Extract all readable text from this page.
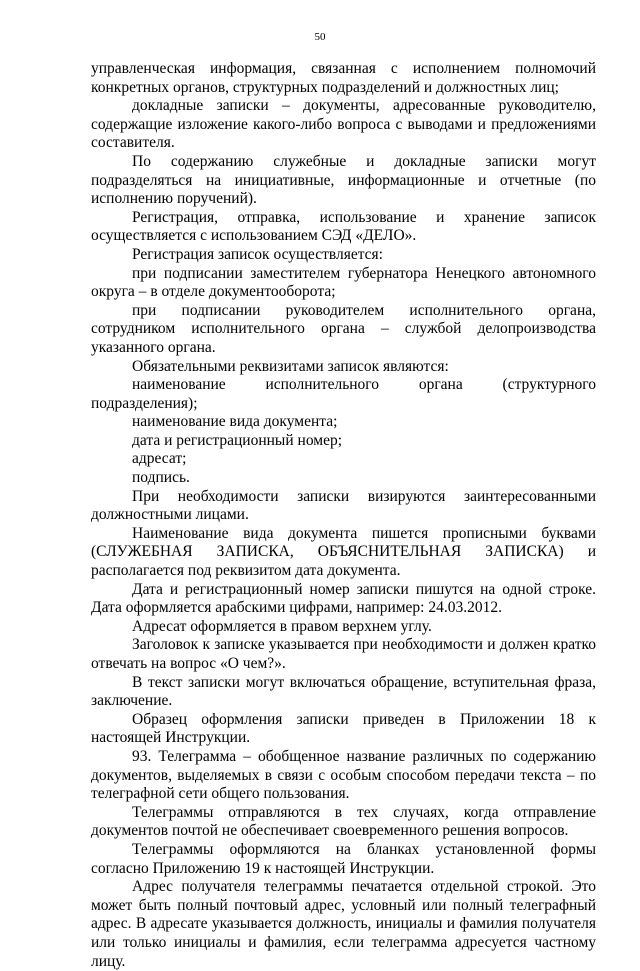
50

управленческая информация, связанная с исполнением полномочий конкретных органов, структурных подразделений и должностных лиц;

докладные записки – документы, адресованные руководителю, содержащие изложение какого-либо вопроса с выводами и предложениями составителя.

По содержанию служебные и докладные записки могут подразделяться на инициативные, информационные и отчетные (по исполнению поручений).

Регистрация, отправка, использование и хранение записок осуществляется с использованием СЭД «ДЕЛО».

Регистрация записок осуществляется:

при подписании заместителем губернатора Ненецкого автономного округа – в отделе документооборота;

при подписании руководителем исполнительного органа, сотрудником исполнительного органа – службой делопроизводства указанного органа.

Обязательными реквизитами записок являются:

наименование исполнительного органа (структурного подразделения);

наименование вида документа;

дата и регистрационный номер;

адресат;

подпись.

При необходимости записки визируются заинтересованными должностными лицами.

Наименование вида документа пишется прописными буквами (СЛУЖЕБНАЯ ЗАПИСКА, ОБЪЯСНИТЕЛЬНАЯ ЗАПИСКА) и располагается под реквизитом дата документа.

Дата и регистрационный номер записки пишутся на одной строке. Дата оформляется арабскими цифрами, например: 24.03.2012.

Адресат оформляется в правом верхнем углу.

Заголовок к записке указывается при необходимости и должен кратко отвечать на вопрос «О чем?».

В текст записки могут включаться обращение, вступительная фраза, заключение.

Образец оформления записки приведен в Приложении 18 к настоящей Инструкции.

93. Телеграмма – обобщенное название различных по содержанию документов, выделяемых в связи с особым способом передачи текста – по телеграфной сети общего пользования.

Телеграммы отправляются в тех случаях, когда отправление документов почтой не обеспечивает своевременного решения вопросов.

Телеграммы оформляются на бланках установленной формы согласно Приложению 19 к настоящей Инструкции.

Адрес получателя телеграммы печатается отдельной строкой. Это может быть полный почтовый адрес, условный или полный телеграфный адрес. В адресате указывается должность, инициалы и фамилия получателя или только инициалы и фамилия, если телеграмма адресуется частному лицу.
